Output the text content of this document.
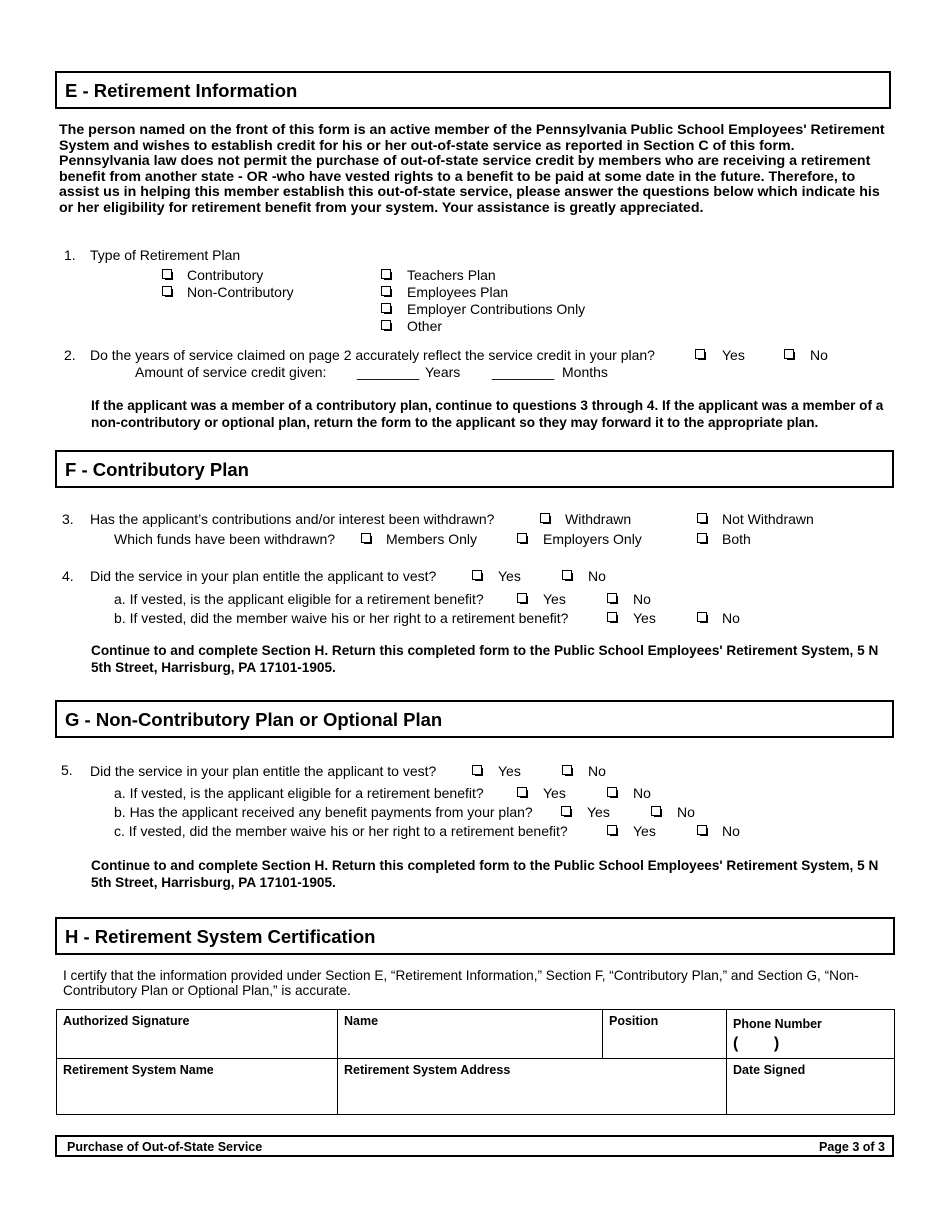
E - Retirement Information
The person named on the front of this form is an active member of the Pennsylvania Public School Employees' Retirement System and wishes to establish credit for his or her out-of-state service as reported in Section C of this form. Pennsylvania law does not permit the purchase of out-of-state service credit by members who are receiving a retirement benefit from another state - OR -who have vested rights to a benefit to be paid at some date in the future. Therefore, to assist us in helping this member establish this out-of-state service, please answer the questions below which indicate his or her eligibility for retirement benefit from your system. Your assistance is greatly appreciated.
1. Type of Retirement Plan
Contributory
Non-Contributory
Teachers Plan
Employees Plan
Employer Contributions Only
Other
2. Do the years of service claimed on page 2 accurately reflect the service credit in your plan?	Yes	No
Amount of service credit given: ________ Years ________ Months
If the applicant was a member of a contributory plan, continue to questions 3 through 4. If the applicant was a member of a non-contributory or optional plan, return the form to the applicant so they may forward it to the appropriate plan.
F - Contributory Plan
3. Has the applicant’s contributions and/or interest been withdrawn?	Withdrawn	Not Withdrawn
Which funds have been withdrawn?	Members Only	Employers Only	Both
4. Did the service in your plan entitle the applicant to vest?	Yes	No
a. If vested, is the applicant eligible for a retirement benefit?	Yes	No
b. If vested, did the member waive his or her right to a retirement benefit?	Yes	No
Continue to and complete Section H. Return this completed form to the Public School Employees' Retirement System, 5 N 5th Street, Harrisburg, PA 17101-1905.
G - Non-Contributory Plan or Optional Plan
5. Did the service in your plan entitle the applicant to vest?	Yes	No
a. If vested, is the applicant eligible for a retirement benefit?	Yes	No
b. Has the applicant received any benefit payments from your plan?	Yes	No
c. If vested, did the member waive his or her right to a retirement benefit?	Yes	No
Continue to and complete Section H. Return this completed form to the Public School Employees' Retirement System, 5 N 5th Street, Harrisburg, PA 17101-1905.
H - Retirement System Certification
I certify that the information provided under Section E, “Retirement Information,” Section F, “Contributory Plan,” and Section G, “Non-Contributory Plan or Optional Plan,” is accurate.
Authorized Signature	Name	Position	Phone Number
(        )

Retirement System Name	Retirement System Address		Date Signed
Purchase of Out-of-State Service	Page 3 of 3
